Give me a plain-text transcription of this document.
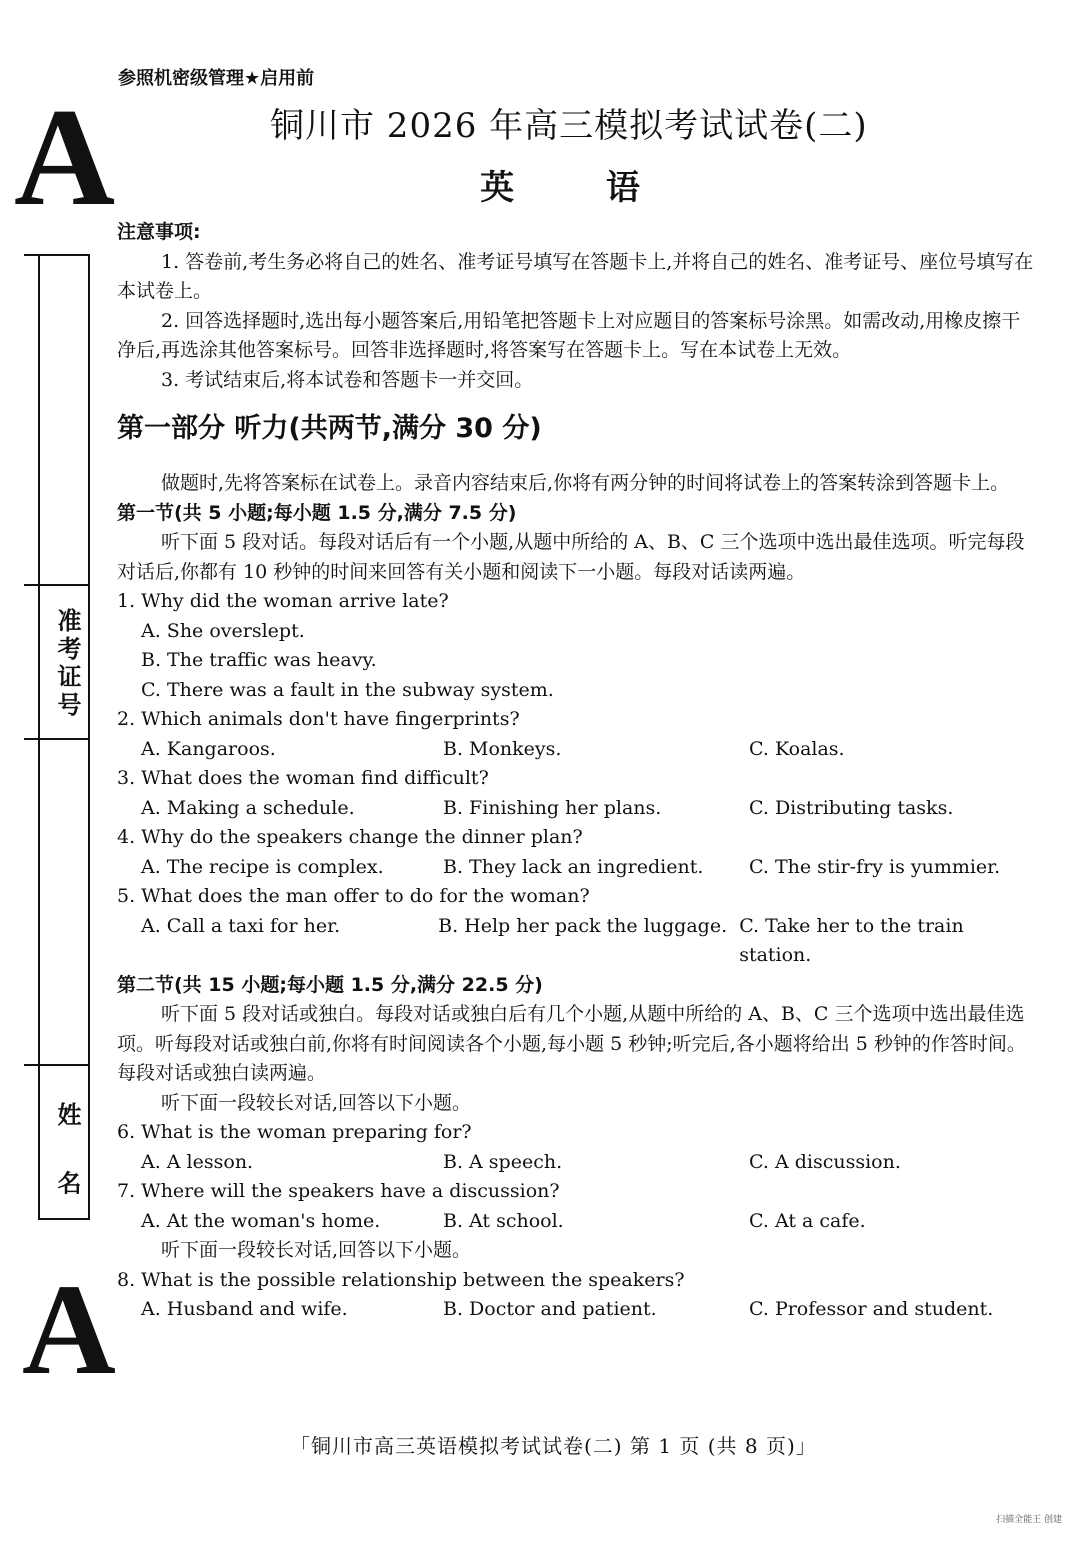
A
A
准考证号
姓 名
参照机密级管理★启用前
铜川市 2026 年高三模拟考试试卷(二)
英 语
注意事项:
1. 答卷前,考生务必将自己的姓名、准考证号填写在答题卡上,并将自己的姓名、准考证号、座位号填写在本试卷上。
2. 回答选择题时,选出每小题答案后,用铅笔把答题卡上对应题目的答案标号涂黑。如需改动,用橡皮擦干净后,再选涂其他答案标号。回答非选择题时,将答案写在答题卡上。写在本试卷上无效。
3. 考试结束后,将本试卷和答题卡一并交回。
第一部分 听力(共两节,满分 30 分)
做题时,先将答案标在试卷上。录音内容结束后,你将有两分钟的时间将试卷上的答案转涂到答题卡上。
第一节(共 5 小题;每小题 1.5 分,满分 7.5 分)
听下面 5 段对话。每段对话后有一个小题,从题中所给的 A、B、C 三个选项中选出最佳选项。听完每段对话后,你都有 10 秒钟的时间来回答有关小题和阅读下一小题。每段对话读两遍。
1. Why did the woman arrive late?
A. She overslept.
B. The traffic was heavy.
C. There was a fault in the subway system.
2. Which animals don't have fingerprints?
A. Kangaroos.	B. Monkeys.	C. Koalas.
3. What does the woman find difficult?
A. Making a schedule.	B. Finishing her plans.	C. Distributing tasks.
4. Why do the speakers change the dinner plan?
A. The recipe is complex.	B. They lack an ingredient.	C. The stir-fry is yummier.
5. What does the man offer to do for the woman?
A. Call a taxi for her.	B. Help her pack the luggage. C. Take her to the train station.
第二节(共 15 小题;每小题 1.5 分,满分 22.5 分)
听下面 5 段对话或独白。每段对话或独白后有几个小题,从题中所给的 A、B、C 三个选项中选出最佳选项。听每段对话或独白前,你将有时间阅读各个小题,每小题 5 秒钟;听完后,各小题将给出 5 秒钟的作答时间。每段对话或独白读两遍。
听下面一段较长对话,回答以下小题。
6. What is the woman preparing for?
A. A lesson.	B. A speech.	C. A discussion.
7. Where will the speakers have a discussion?
A. At the woman's home.	B. At school.	C. At a cafe.
听下面一段较长对话,回答以下小题。
8. What is the possible relationship between the speakers?
A. Husband and wife.	B. Doctor and patient.	C. Professor and student.
「铜川市高三英语模拟考试试卷(二) 第 1 页 (共 8 页)」
扫描全能王 创建
